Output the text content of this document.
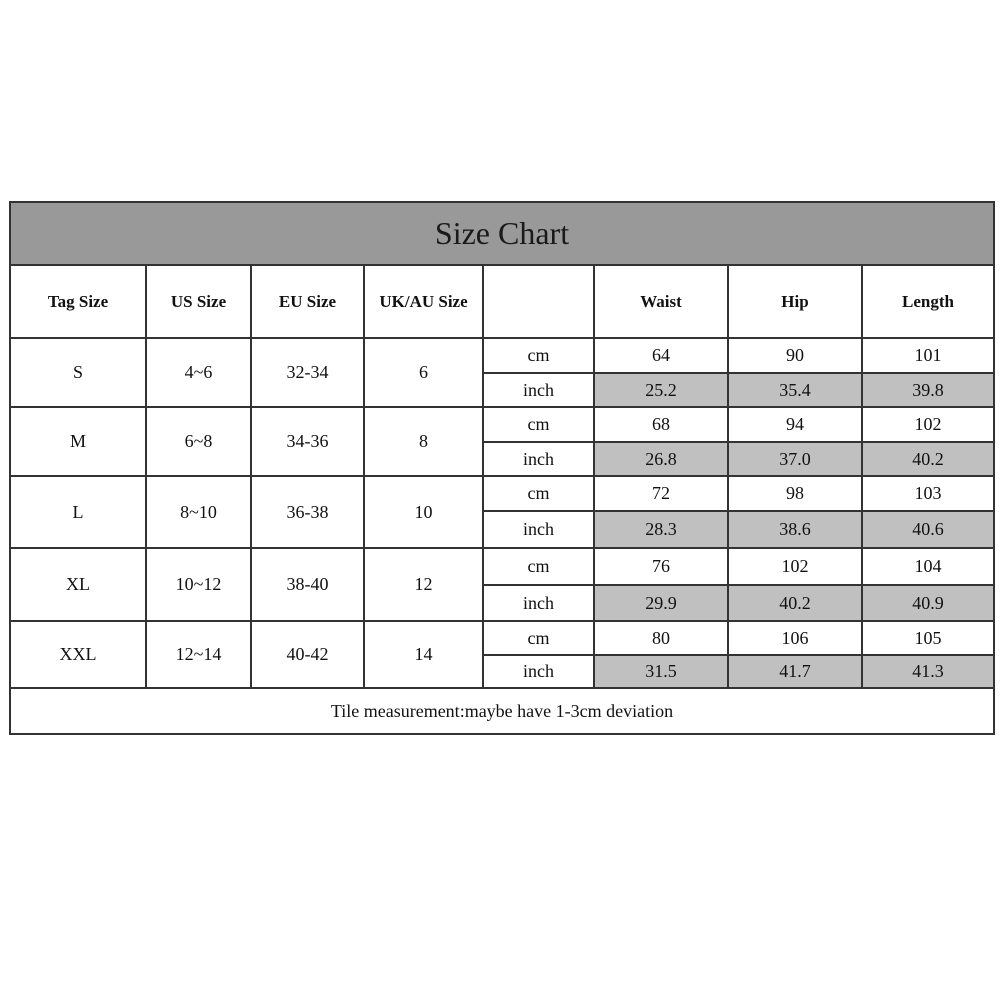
Size Chart
Tag Size	US Size	EU Size	UK/AU Size		Waist	Hip	Length
S	4~6	32-34	6	cm	64	90	101
				inch	25.2	35.4	39.8
M	6~8	34-36	8	cm	68	94	102
				inch	26.8	37.0	40.2
L	8~10	36-38	10	cm	72	98	103
				inch	28.3	38.6	40.6
XL	10~12	38-40	12	cm	76	102	104
				inch	29.9	40.2	40.9
XXL	12~14	40-42	14	cm	80	106	105
				inch	31.5	41.7	41.3
Tile measurement:maybe have 1-3cm deviation
